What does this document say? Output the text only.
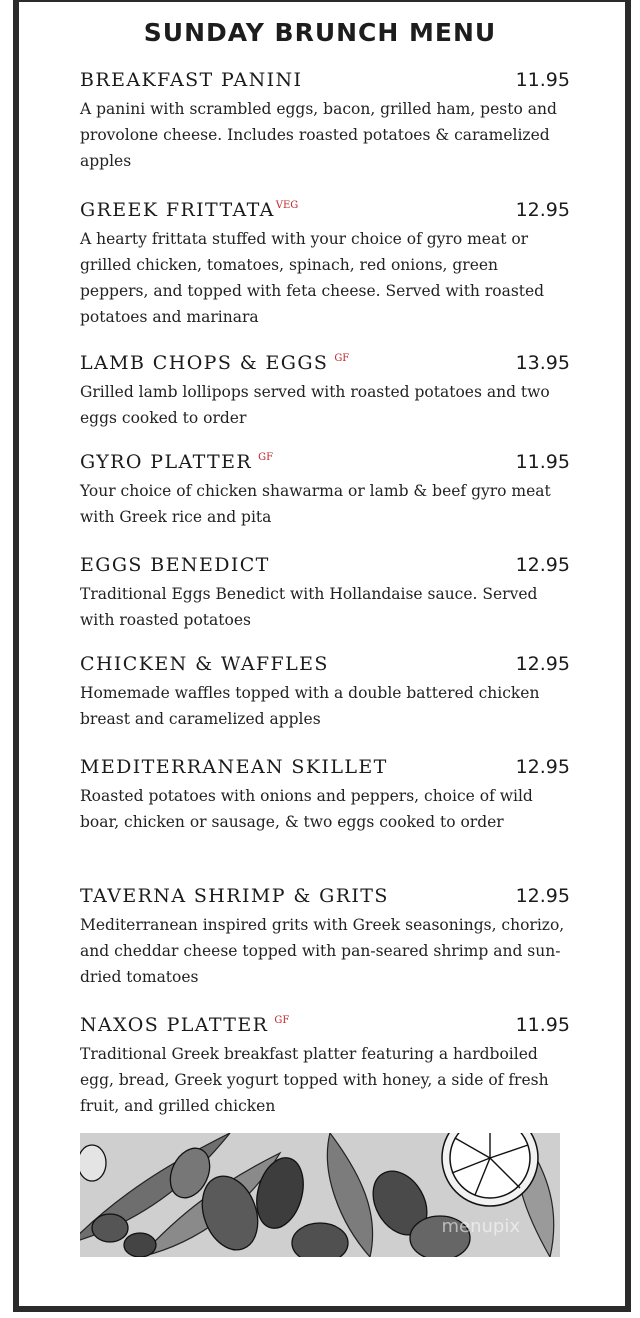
SUNDAY BRUNCH MENU
BREAKFAST PANINI	11.95
A panini with scrambled eggs, bacon, grilled ham, pesto and provolone cheese. Includes roasted potatoes & caramelized apples
GREEK $FRITTATA^{VEG}$	12.95
A hearty frittata stuffed with your choice of gyro meat or grilled chicken, tomatoes, spinach, red onions, green peppers, and topped with feta cheese. Served with roasted potatoes and marinara
LAMB CHOPS & EGGS $^{GF}$	13.95
Grilled lamb lollipops served with roasted potatoes and two eggs cooked to order
GYRO PLATTER $^{GF}$	11.95
Your choice of chicken shawarma or lamb & beef gyro meat with Greek rice and pita
EGGS BENEDICT	12.95
Traditional Eggs Benedict with Hollandaise sauce. Served with roasted potatoes
CHICKEN & WAFFLES	12.95
Homemade waffles topped with a double battered chicken breast and caramelized apples
MEDITERRANEAN SKILLET	12.95
Roasted potatoes with onions and peppers, choice of wild boar, chicken or sausage, & two eggs cooked to order
TAVERNA SHRIMP & GRITS	12.95
Mediterranean inspired grits with Greek seasonings, chorizo, and cheddar cheese topped with pan-seared shrimp and sun-dried tomatoes
NAXOS PLATTER $^{GF}$	11.95
Traditional Greek breakfast platter featuring a hardboiled egg, bread, Greek yogurt topped with honey, a side of fresh fruit, and grilled chicken
menupix
